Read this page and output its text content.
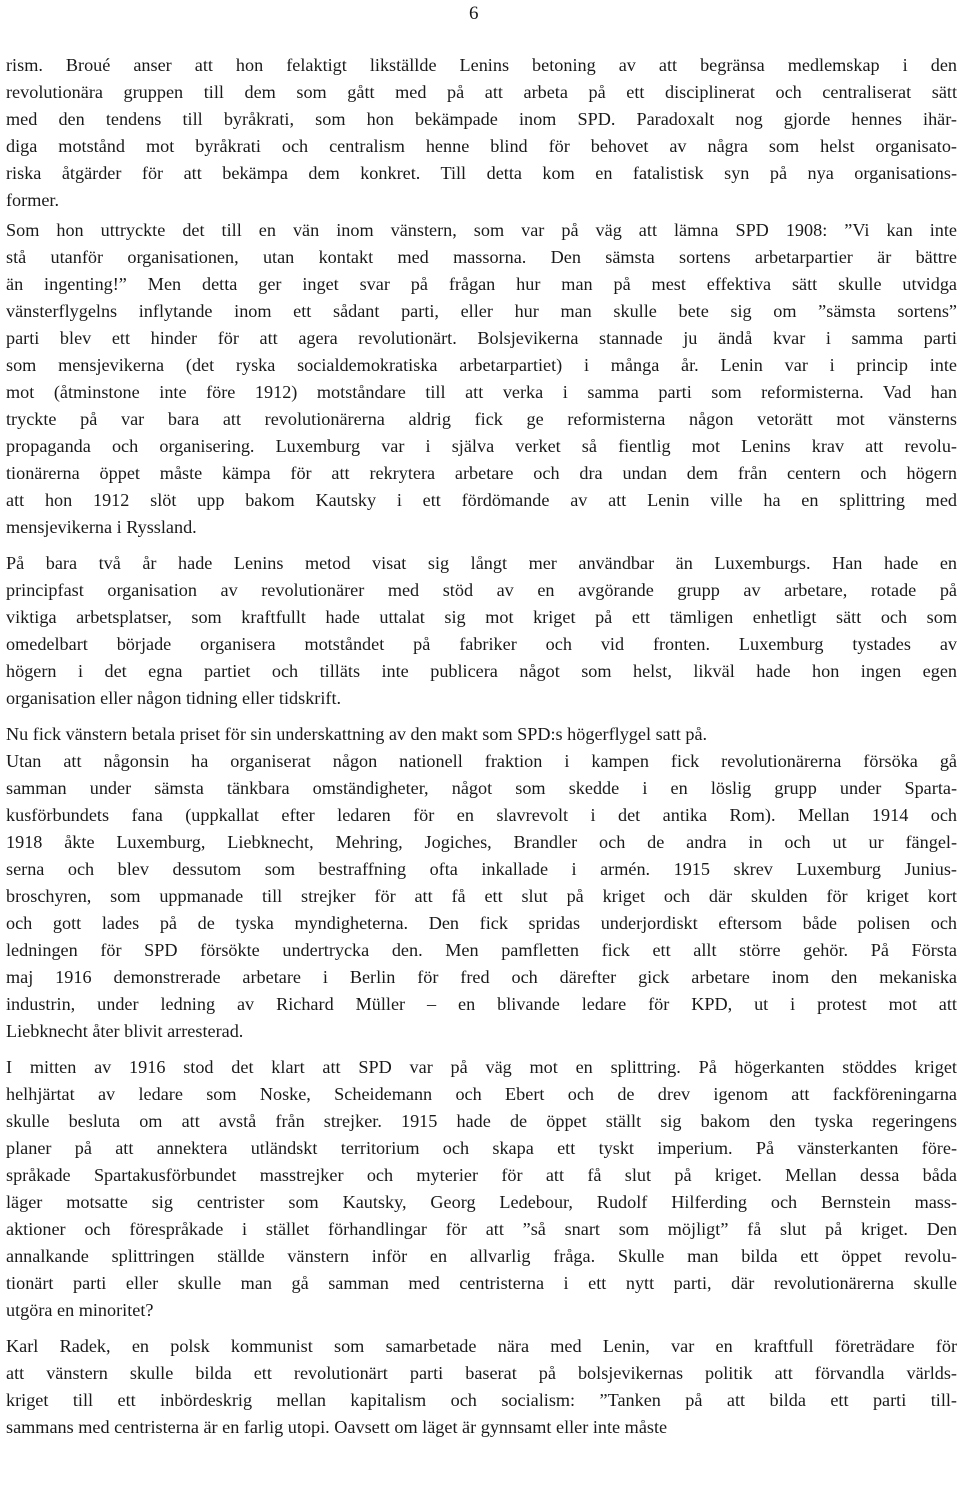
6

rism. Broué anser att hon felaktigt likställde Lenins betoning av att begränsa medlemskap i den
revolutionära gruppen till dem som gått med på att arbeta på ett disciplinerat och centraliserat sätt
med den tendens till byråkrati, som hon bekämpade inom SPD. Paradoxalt nog gjorde hennes ihär-
diga motstånd mot byråkrati och centralism henne blind för behovet av några som helst organisato-
riska åtgärder för att bekämpa dem konkret. Till detta kom en fatalistisk syn på nya organisations-
former.

Som hon uttryckte det till en vän inom vänstern, som var på väg att lämna SPD 1908: ”Vi kan inte
stå utanför organisationen, utan kontakt med massorna. Den sämsta sortens arbetarpartier är bättre
än ingenting!” Men detta ger inget svar på frågan hur man på mest effektiva sätt skulle utvidga
vänsterflygelns inflytande inom ett sådant parti, eller hur man skulle bete sig om ”sämsta sortens”
parti blev ett hinder för att agera revolutionärt. Bolsjevikerna stannade ju ändå kvar i samma parti
som mensjevikerna (det ryska socialdemokratiska arbetarpartiet) i många år. Lenin var i princip inte
mot (åtminstone inte före 1912) motståndare till att verka i samma parti som reformisterna. Vad han
tryckte på var bara att revolutionärerna aldrig fick ge reformisterna någon vetorätt mot vänsterns
propaganda och organisering. Luxemburg var i själva verket så fientlig mot Lenins krav att revolu-
tionärerna öppet måste kämpa för att rekrytera arbetare och dra undan dem från centern och högern
att hon 1912 slöt upp bakom Kautsky i ett fördömande av att Lenin ville ha en splittring med
mensjevikerna i Ryssland.

På bara två år hade Lenins metod visat sig långt mer användbar än Luxemburgs. Han hade en
principfast organisation av revolutionärer med stöd av en avgörande grupp av arbetare, rotade på
viktiga arbetsplatser, som kraftfullt hade uttalat sig mot kriget på ett tämligen enhetligt sätt och som
omedelbart började organisera motståndet på fabriker och vid fronten. Luxemburg tystades av
högern i det egna partiet och tilläts inte publicera något som helst, likväl hade hon ingen egen
organisation eller någon tidning eller tidskrift.

Nu fick vänstern betala priset för sin underskattning av den makt som SPD:s högerflygel satt på.
Utan att någonsin ha organiserat någon nationell fraktion i kampen fick revolutionärerna försöka gå
samman under sämsta tänkbara omständigheter, något som skedde i en löslig grupp under Sparta-
kusförbundets fana (uppkallat efter ledaren för en slavrevolt i det antika Rom). Mellan 1914 och
1918 åkte Luxemburg, Liebknecht, Mehring, Jogiches, Brandler och de andra in och ut ur fängel-
serna och blev dessutom som bestraffning ofta inkallade i armén. 1915 skrev Luxemburg Junius-
broschyren, som uppmanade till strejker för att få ett slut på kriget och där skulden för kriget kort
och gott lades på de tyska myndigheterna. Den fick spridas underjordiskt eftersom både polisen och
ledningen för SPD försökte undertrycka den. Men pamfletten fick ett allt större gehör. På Första
maj 1916 demonstrerade arbetare i Berlin för fred och därefter gick arbetare inom den mekaniska
industrin, under ledning av Richard Müller – en blivande ledare för KPD, ut i protest mot att
Liebknecht åter blivit arresterad.

I mitten av 1916 stod det klart att SPD var på väg mot en splittring. På högerkanten stöddes kriget
helhjärtat av ledare som Noske, Scheidemann och Ebert och de drev igenom att fackföreningarna
skulle besluta om att avstå från strejker. 1915 hade de öppet ställt sig bakom den tyska regeringens
planer på att annektera utländskt territorium och skapa ett tyskt imperium. På vänsterkanten före-
språkade Spartakusförbundet masstrejker och myterier för att få slut på kriget. Mellan dessa båda
läger motsatte sig centrister som Kautsky, Georg Ledebour, Rudolf Hilferding och Bernstein mass-
aktioner och förespråkade i stället förhandlingar för att ”så snart som möjligt” få slut på kriget. Den
annalkande splittringen ställde vänstern inför en allvarlig fråga. Skulle man bilda ett öppet revolu-
tionärt parti eller skulle man gå samman med centristerna i ett nytt parti, där revolutionärerna skulle
utgöra en minoritet?

Karl Radek, en polsk kommunist som samarbetade nära med Lenin, var en kraftfull företrädare för
att vänstern skulle bilda ett revolutionärt parti baserat på bolsjevikernas politik att förvandla världs-
kriget till ett inbördeskrig mellan kapitalism och socialism: ”Tanken på att bilda ett parti till-
sammans med centristerna är en farlig utopi. Oavsett om läget är gynnsamt eller inte måste
